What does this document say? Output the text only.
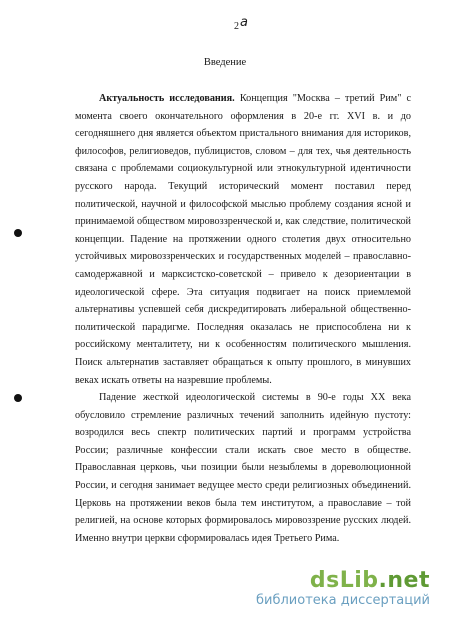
2a
Введение

Актуальность исследования. Концепция "Москва – третий Рим" с момента своего окончательного оформления в 20-е гг. XVI в. и до сегодняшнего дня является объектом пристального внимания для историков, философов, религиоведов, публицистов, словом – для тех, чья деятельность связана с проблемами социокультурной или этнокультурной идентичности русского народа. Текущий исторический момент поставил перед политической, научной и философской мыслью проблему создания ясной и принимаемой обществом мировоззренческой и, как следствие, политической концепции. Падение на протяжении одного столетия двух относительно устойчивых мировоззренческих и государственных моделей – православно-самодержавной и марксистско-советской – привело к дезориентации в идеологической сфере. Эта ситуация подвигает на поиск приемлемой альтернативы успевшей себя дискредитировать либеральной общественно-политической парадигме. Последняя оказалась не приспособлена ни к российскому менталитету, ни к особенностям политического мышления. Поиск альтернатив заставляет обращаться к опыту прошлого, в минувших веках искать ответы на назревшие проблемы.

Падение жесткой идеологической системы в 90-е годы XX века обусловило стремление различных течений заполнить идейную пустоту: возродился весь спектр политических партий и программ устройства России; различные конфессии стали искать свое место в обществе. Православная церковь, чьи позиции были незыблемы в дореволюционной России, и сегодня занимает ведущее место среди религиозных объединений. Церковь на протяжении веков была тем институтом, а православие – той религией, на основе которых формировалось мировоззрение русских людей. Именно внутри церкви сформировалась идея Третьего Рима.

dsLib.net
библиотека диссертаций
